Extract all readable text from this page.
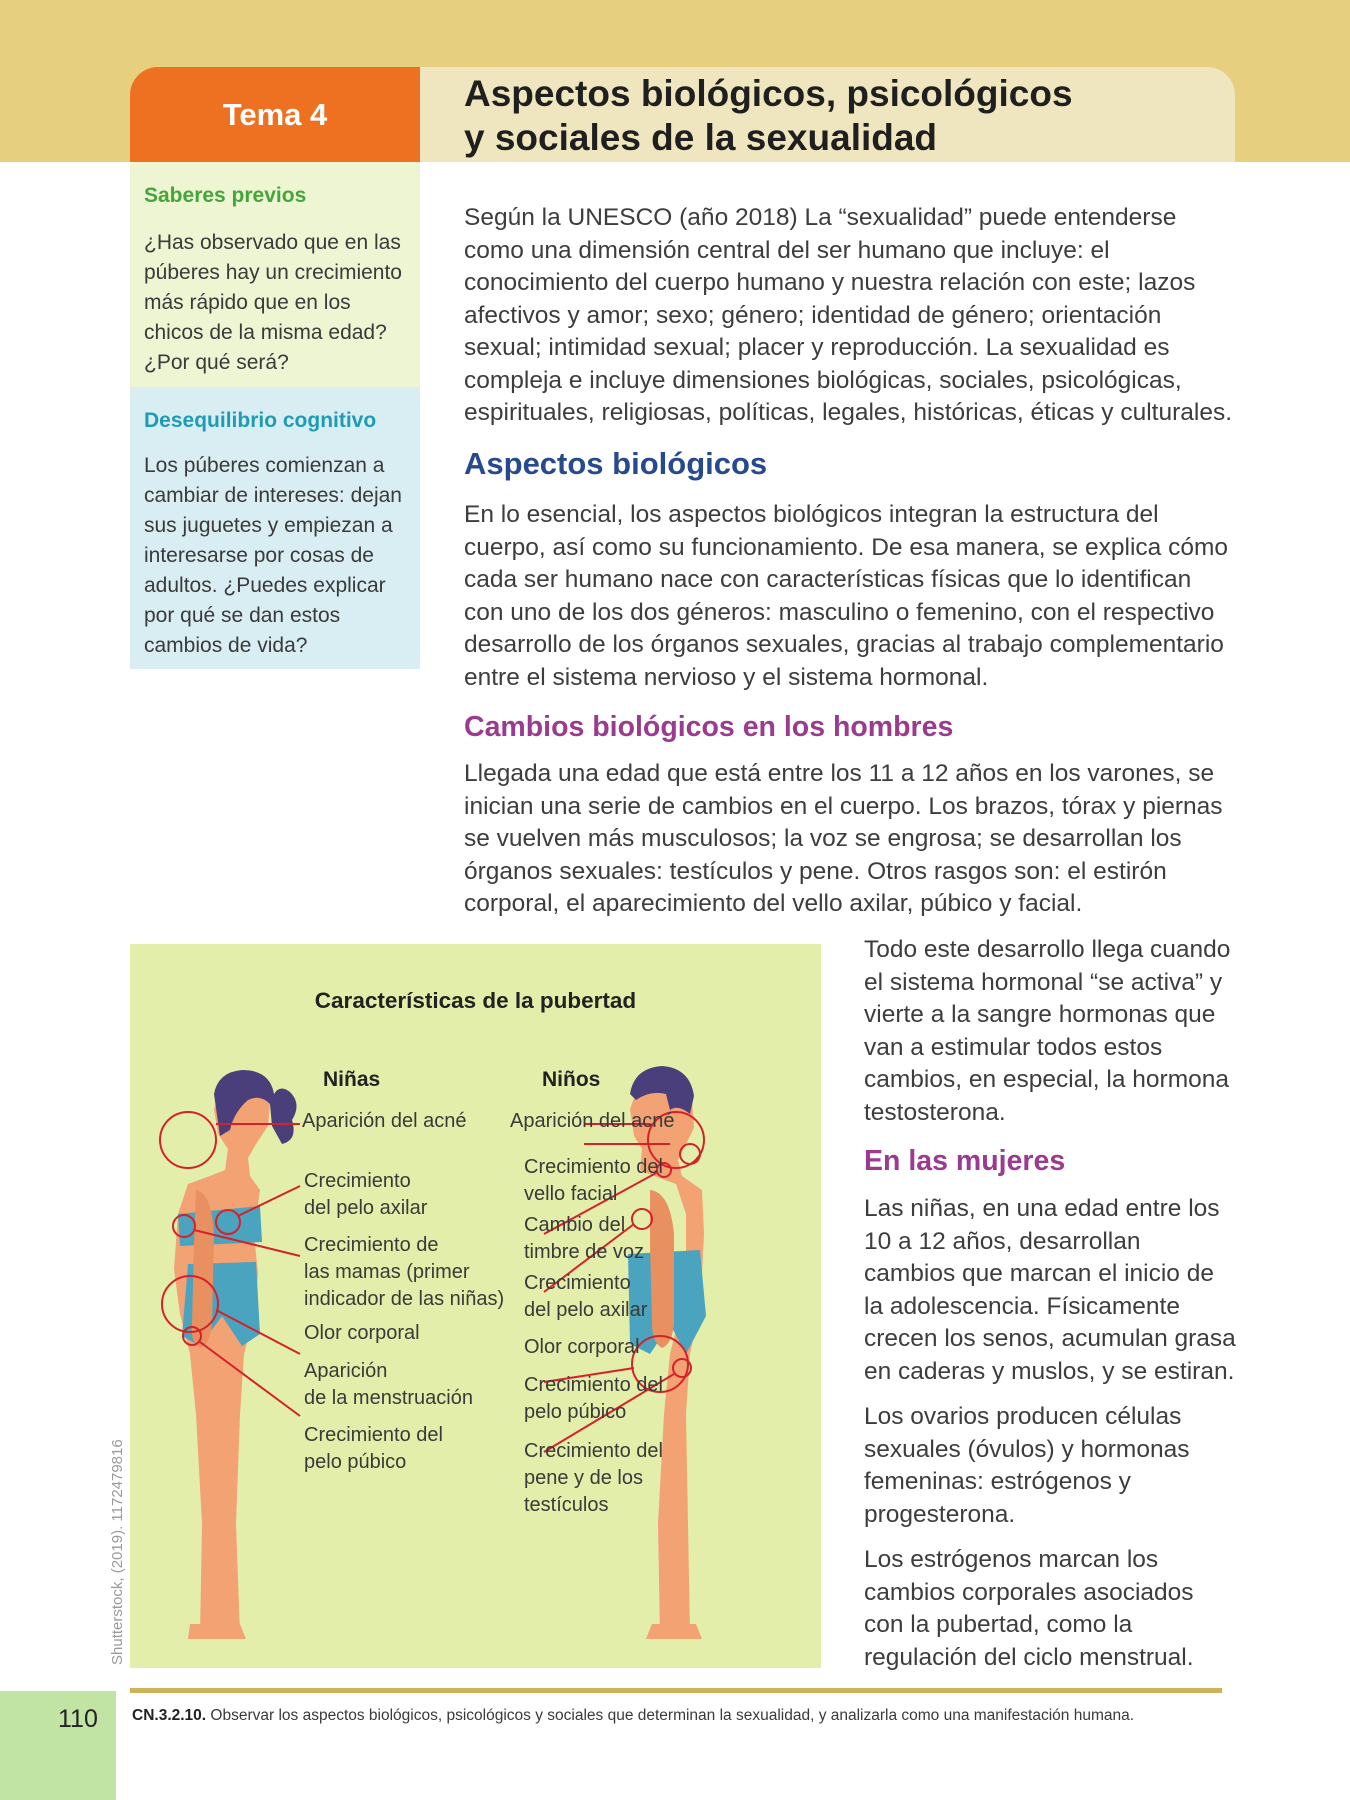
Tema 4	Aspectos biológicos, psicológicos
y sociales de la sexualidad
Saberes previos
¿Has observado que en las púberes hay un crecimiento más rápido que en los chicos de la misma edad? ¿Por qué será?
Desequilibrio cognitivo
Los púberes comienzan a cambiar de intereses: dejan sus juguetes y empiezan a interesarse por cosas de adultos. ¿Puedes explicar por qué se dan estos cambios de vida?

Según la UNESCO (año 2018) La “sexualidad” puede entenderse como una dimensión central del ser humano que incluye: el conocimiento del cuerpo humano y nuestra relación con este; lazos afectivos y amor; sexo; género; identidad de género; orientación sexual; intimidad sexual; placer y reproducción. La sexualidad es compleja e incluye dimensiones biológicas, sociales, psicológicas, espirituales, religiosas, políticas, legales, históricas, éticas y culturales.

Aspectos biológicos

En lo esencial, los aspectos biológicos integran la estructura del cuerpo, así como su funcionamiento. De esa manera, se explica cómo cada ser humano nace con características físicas que lo identifican con uno de los dos géneros: masculino o femenino, con el respectivo desarrollo de los órganos sexuales, gracias al trabajo complementario entre el sistema nervioso y el sistema hormonal.

Cambios biológicos en los hombres

Llegada una edad que está entre los 11 a 12 años en los varones, se inician una serie de cambios en el cuerpo. Los brazos, tórax y piernas se vuelven más musculosos; la voz se engrosa; se desarrollan los órganos sexuales: testículos y pene. Otros rasgos son: el estirón corporal, el aparecimiento del vello axilar, púbico y facial.

Todo este desarrollo llega cuando el sistema hormonal “se activa” y vierte a la sangre hormonas que van a estimular todos estos cambios, en especial, la hormona testosterona.

En las mujeres

Las niñas, en una edad entre los 10 a 12 años, desarrollan cambios que marcan el inicio de la adolescencia. Físicamente crecen los senos, acumulan grasa en caderas y muslos, y se estiran.

Los ovarios producen células sexuales (óvulos) y hormonas femeninas: estrógenos y progesterona.

Los estrógenos marcan los cambios corporales asociados con la pubertad, como la regulación del ciclo menstrual.

Características de la pubertad
Niñas	Niños
Aparición del acné
Crecimiento
del pelo axilar
Crecimiento de
las mamas (primer
indicador de las niñas)
Olor corporal
Aparición
de la menstruación
Crecimiento del
pelo púbico
Aparición del acné
Crecimiento del
vello facial
Cambio del
timbre de voz
Crecimiento
del pelo axilar
Olor corporal
Crecimiento del
pelo púbico
Crecimiento del
pene y de los
testículos
Shutterstock, (2019). 1172479816
110 CN.3.2.10. Observar los aspectos biológicos, psicológicos y sociales que determinan la sexualidad, y analizarla como una manifestación humana.
